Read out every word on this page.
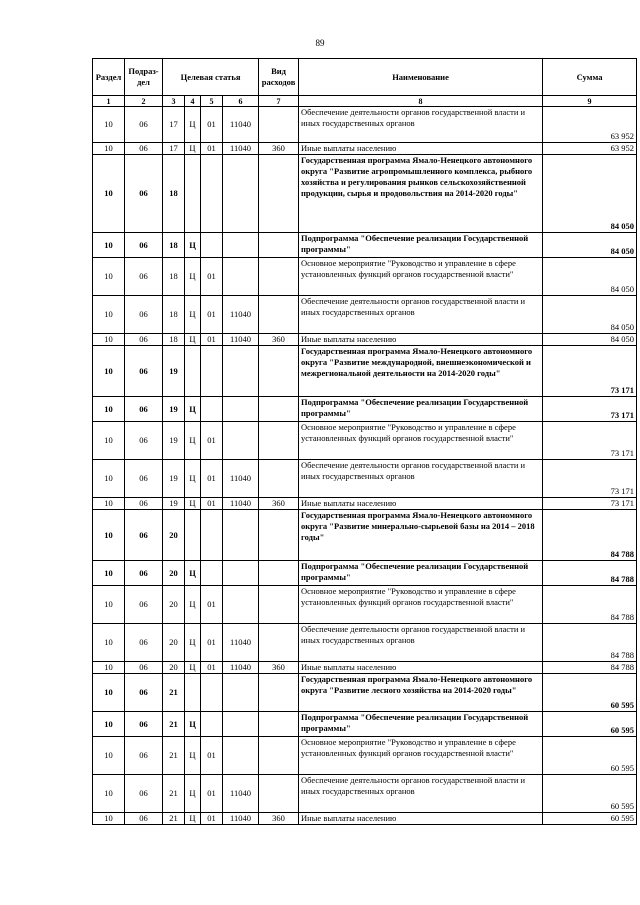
89
Раздел	Подраз-дел	Целевая статья				Вид расходов	Наименование	Сумма
1	2	3	4	5	6	7	8	9
10	06	17	Ц	01	11040		Обеспечение деятельности органов государственной власти и иных государственных органов	63 952
10	06	17	Ц	01	11040	360	Иные выплаты населению	63 952
10	06	18					Государственная программа Ямало-Ненецкого автономного округа "Развитие агропромышленного комплекса, рыбного хозяйства и регулирования рынков сельскохозяйственной продукции, сырья и продовольствия на 2014-2020 годы"	84 050
10	06	18	Ц				Подпрограмма "Обеспечение реализации Государственной программы"	84 050
10	06	18	Ц	01			Основное мероприятие "Руководство и управление в сфере установленных функций органов государственной власти"	84 050
10	06	18	Ц	01	11040		Обеспечение деятельности органов государственной власти и иных государственных органов	84 050
10	06	18	Ц	01	11040	360	Иные выплаты населению	84 050
10	06	19					Государственная программа Ямало-Ненецкого автономного округа "Развитие международной, внешнеэкономической и межрегиональной деятельности на 2014-2020 годы"	73 171
10	06	19	Ц				Подпрограмма "Обеспечение реализации Государственной программы"	73 171
10	06	19	Ц	01			Основное мероприятие "Руководство и управление в сфере установленных функций органов государственной власти"	73 171
10	06	19	Ц	01	11040		Обеспечение деятельности органов государственной власти и иных государственных органов	73 171
10	06	19	Ц	01	11040	360	Иные выплаты населению	73 171
10	06	20					Государственная программа Ямало-Ненецкого автономного округа "Развитие минерально-сырьевой базы на 2014 – 2018 годы"	84 788
10	06	20	Ц				Подпрограмма "Обеспечение реализации Государственной программы"	84 788
10	06	20	Ц	01			Основное мероприятие "Руководство и управление в сфере установленных функций органов государственной власти"	84 788
10	06	20	Ц	01	11040		Обеспечение деятельности органов государственной власти и иных государственных органов	84 788
10	06	20	Ц	01	11040	360	Иные выплаты населению	84 788
10	06	21					Государственная программа Ямало-Ненецкого автономного округа "Развитие лесного хозяйства на 2014-2020 годы"	60 595
10	06	21	Ц				Подпрограмма "Обеспечение реализации Государственной программы"	60 595
10	06	21	Ц	01			Основное мероприятие "Руководство и управление в сфере установленных функций органов государственной власти"	60 595
10	06	21	Ц	01	11040		Обеспечение деятельности органов государственной власти и иных государственных органов	60 595
10	06	21	Ц	01	11040	360	Иные выплаты населению	60 595
